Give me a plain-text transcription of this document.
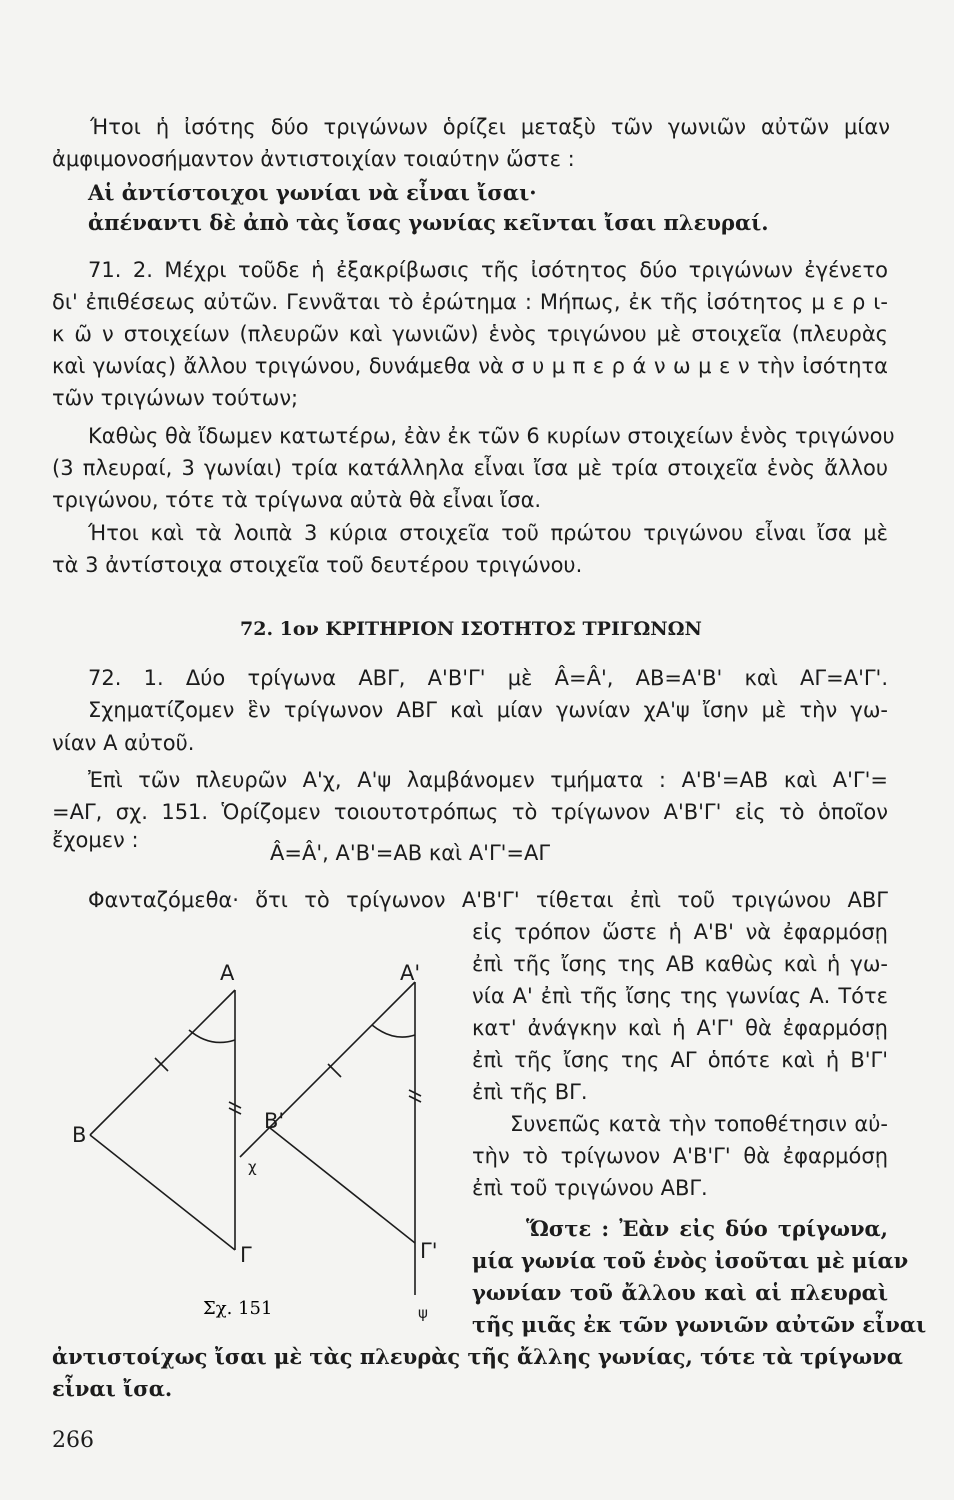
Ήτοι ἡ ἰσότης δύο τριγώνων ὁρίζει μεταξὺ τῶν γωνιῶν αὐτῶν μίαν
ἀμφιμονοσήμαντον ἀντιστοιχίαν τοιαύτην ὥστε :
Αἱ ἀντίστοιχοι γωνίαι νὰ εἶναι ἴσαι·
ἀπέναντι δὲ ἀπὸ τὰς ἴσας γωνίας κεῖνται ἴσαι πλευραί.
71. 2. Μέχρι τοῦδε ἡ ἐξακρίβωσις τῆς ἰσότητος δύο τριγώνων ἐγένετο
δι' ἐπιθέσεως αὐτῶν. Γεννᾶται τὸ ἐρώτημα : Μήπως, ἐκ τῆς ἰσότητος μ ε ρ ι-
κ ῶ ν στοιχείων (πλευρῶν καὶ γωνιῶν) ἑνὸς τριγώνου μὲ στοιχεῖα (πλευρὰς
καὶ γωνίας) ἄλλου τριγώνου, δυνάμεθα νὰ σ υ μ π ε ρ ά ν ω μ ε ν τὴν ἰσότητα
τῶν τριγώνων τούτων;
Καθὼς θὰ ἴδωμεν κατωτέρω, ἐὰν ἐκ τῶν 6 κυρίων στοιχείων ἑνὸς τριγώνου
(3 πλευραί, 3 γωνίαι) τρία κατάλληλα εἶναι ἴσα μὲ τρία στοιχεῖα ἑνὸς ἄλλου
τριγώνου, τότε τὰ τρίγωνα αὐτὰ θὰ εἶναι ἴσα.
Ήτοι καὶ τὰ λοιπὰ 3 κύρια στοιχεῖα τοῦ πρώτου τριγώνου εἶναι ἴσα μὲ
τὰ 3 ἀντίστοιχα στοιχεῖα τοῦ δευτέρου τριγώνου.
72. 1ον ΚΡΙΤΗΡΙΟΝ ΙΣΟΤΗΤΟΣ ΤΡΙΓΩΝΩΝ
72. 1. Δύο τρίγωνα ΑΒΓ, Α'Β'Γ' μὲ Â=Â', ΑΒ=Α'Β' καὶ ΑΓ=Α'Γ'.
Σχηματίζομεν ἓν τρίγωνον ΑΒΓ καὶ μίαν γωνίαν χΑ'ψ ἴσην μὲ τὴν γω-
νίαν Α αὐτοῦ.
Ἐπὶ τῶν πλευρῶν Α'χ, Α'ψ λαμβάνομεν τμήματα : Α'Β'=ΑΒ καὶ Α'Γ'=
=ΑΓ, σχ. 151. Ὁρίζομεν τοιουτοτρόπως τὸ τρίγωνον Α'Β'Γ' εἰς τὸ ὁποῖον
ἔχομεν :
Â=Â', Α'Β'=ΑΒ καὶ Α'Γ'=ΑΓ
Φανταζόμεθα· ὅτι τὸ τρίγωνον Α'Β'Γ' τίθεται ἐπὶ τοῦ τριγώνου ΑΒΓ
εἰς τρόπον ὥστε ἡ Α'Β' νὰ ἐφαρμόσῃ
ἐπὶ τῆς ἴσης της ΑΒ καθὼς καὶ ἡ γω-
νία Α' ἐπὶ τῆς ἴσης της γωνίας Α. Τότε
κατ' ἀνάγκην καὶ ἡ Α'Γ' θὰ ἐφαρμόσῃ
ἐπὶ τῆς ἴσης της ΑΓ ὁπότε καὶ ἡ Β'Γ'
ἐπὶ τῆς ΒΓ.
Συνεπῶς κατὰ τὴν τοποθέτησιν αὐ-
τὴν τὸ τρίγωνον Α'Β'Γ' θὰ ἐφαρμόσῃ
ἐπὶ τοῦ τριγώνου ΑΒΓ.
Ὥστε : Ἐὰν εἰς δύο τρίγωνα,
μία γωνία τοῦ ἑνὸς ἰσοῦται μὲ μίαν
γωνίαν τοῦ ἄλλου καὶ αἱ πλευραὶ
τῆς μιᾶς ἐκ τῶν γωνιῶν αὐτῶν εἶναι
ἀντιστοίχως ἴσαι μὲ τὰς πλευρὰς τῆς ἄλλης γωνίας, τότε τὰ τρίγωνα
εἶναι ἴσα.
A
B
Γ
A'
B'
Γ'
χ
ψ
Σχ. 151
266
